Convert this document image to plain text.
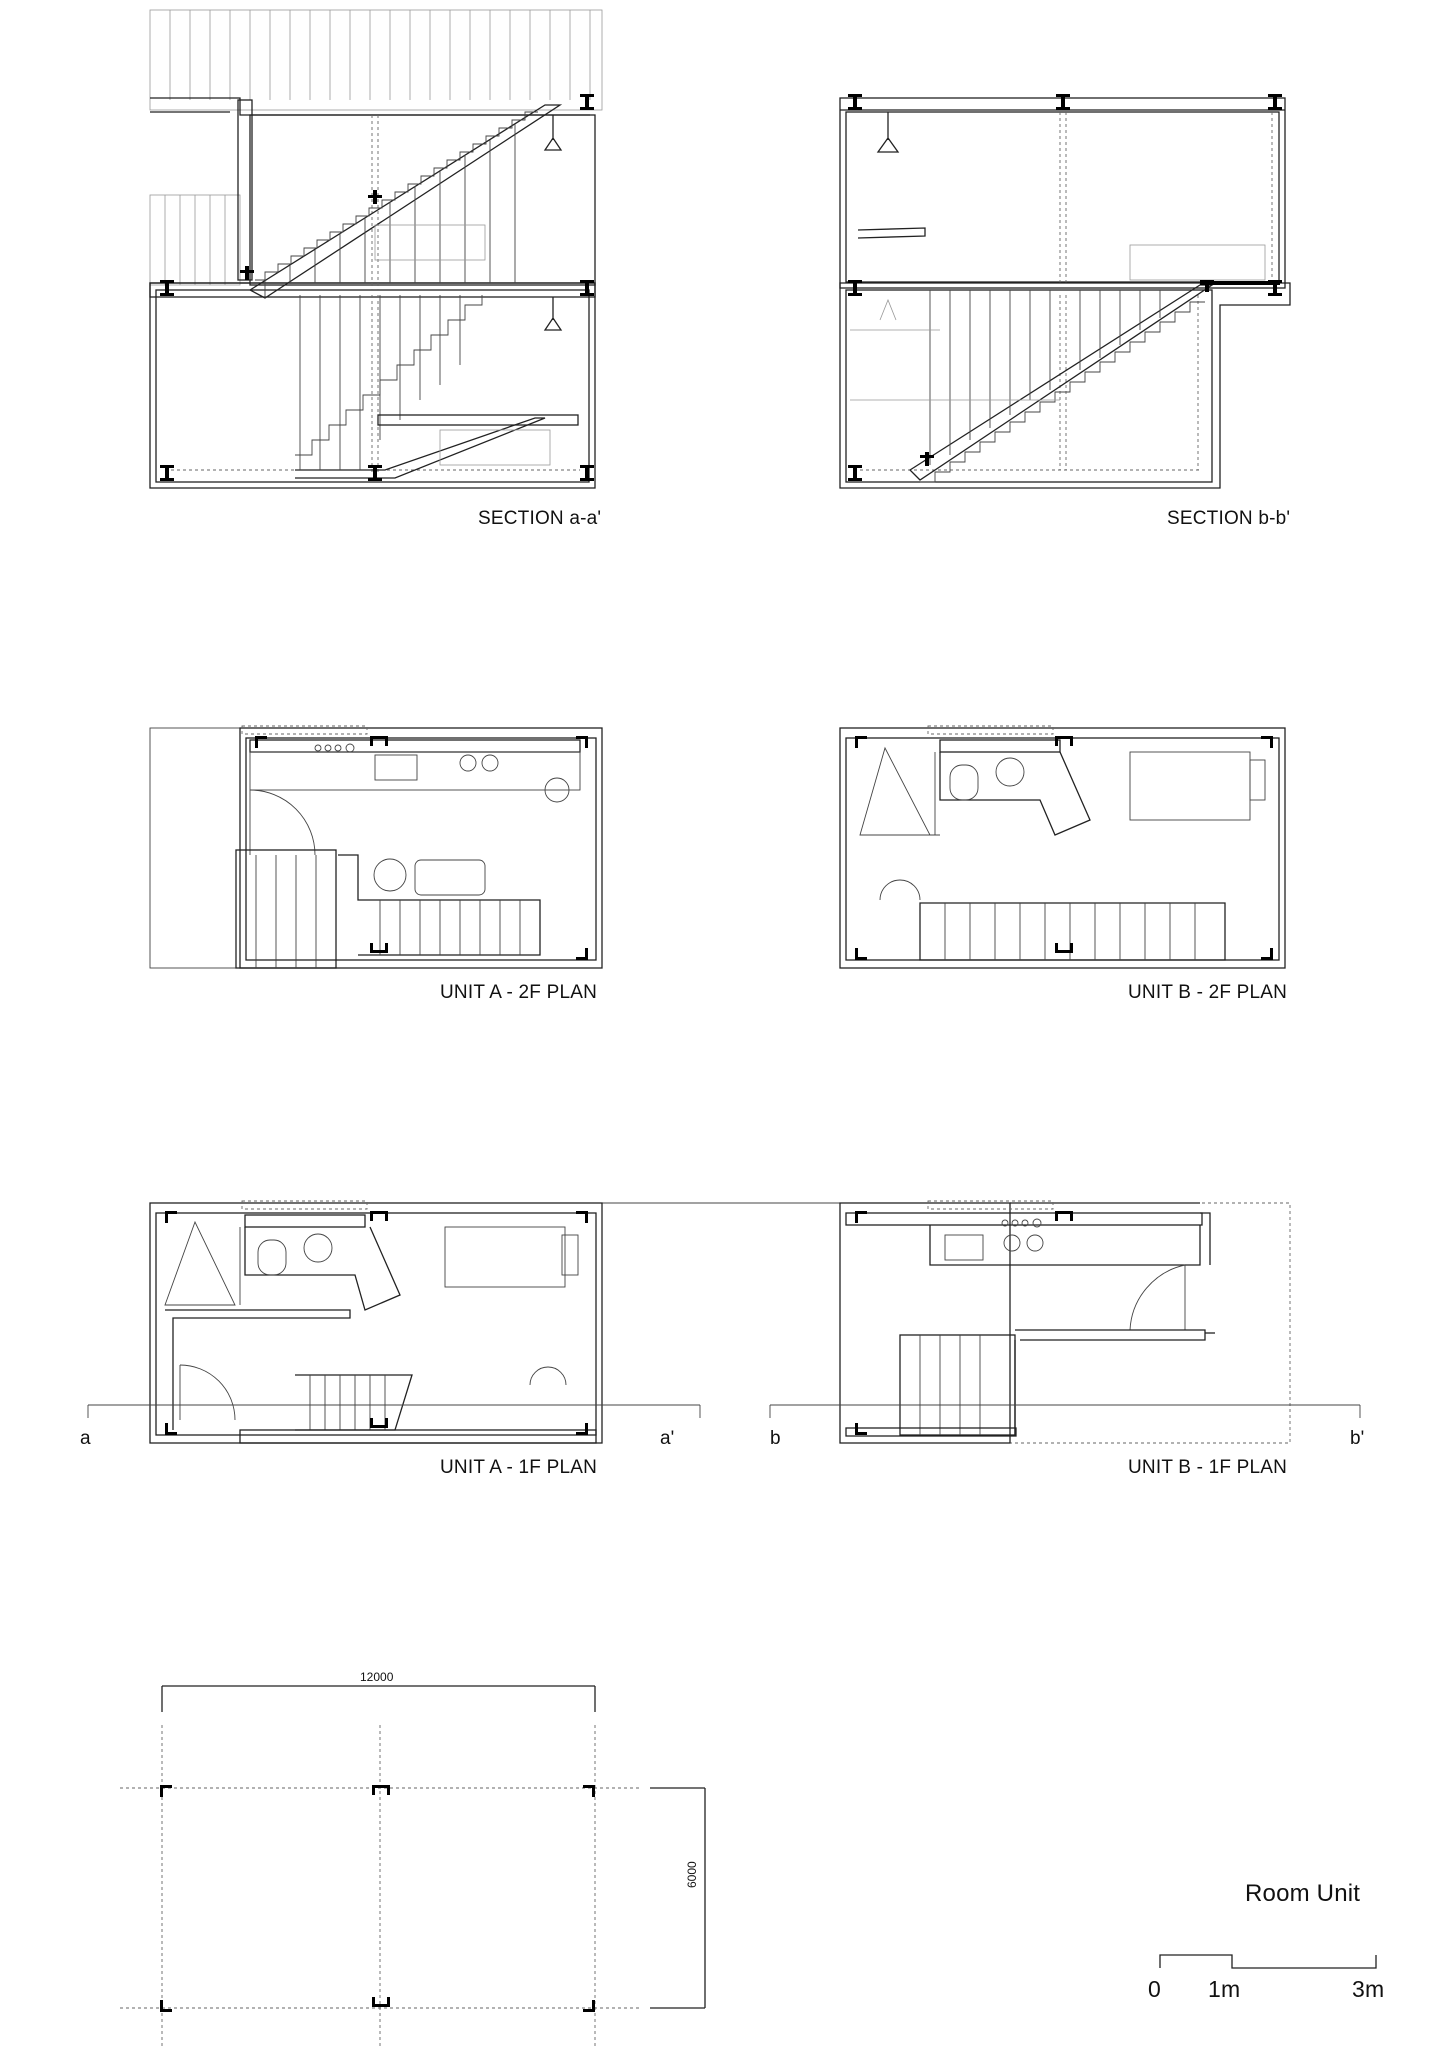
SECTION a-a'	SECTION b-b'
UNIT A - 2F PLAN	UNIT B - 2F PLAN
UNIT A - 1F PLAN	UNIT B - 1F PLAN
a	a'	b	b'
12000
6000
Room Unit
0 1m	3m
